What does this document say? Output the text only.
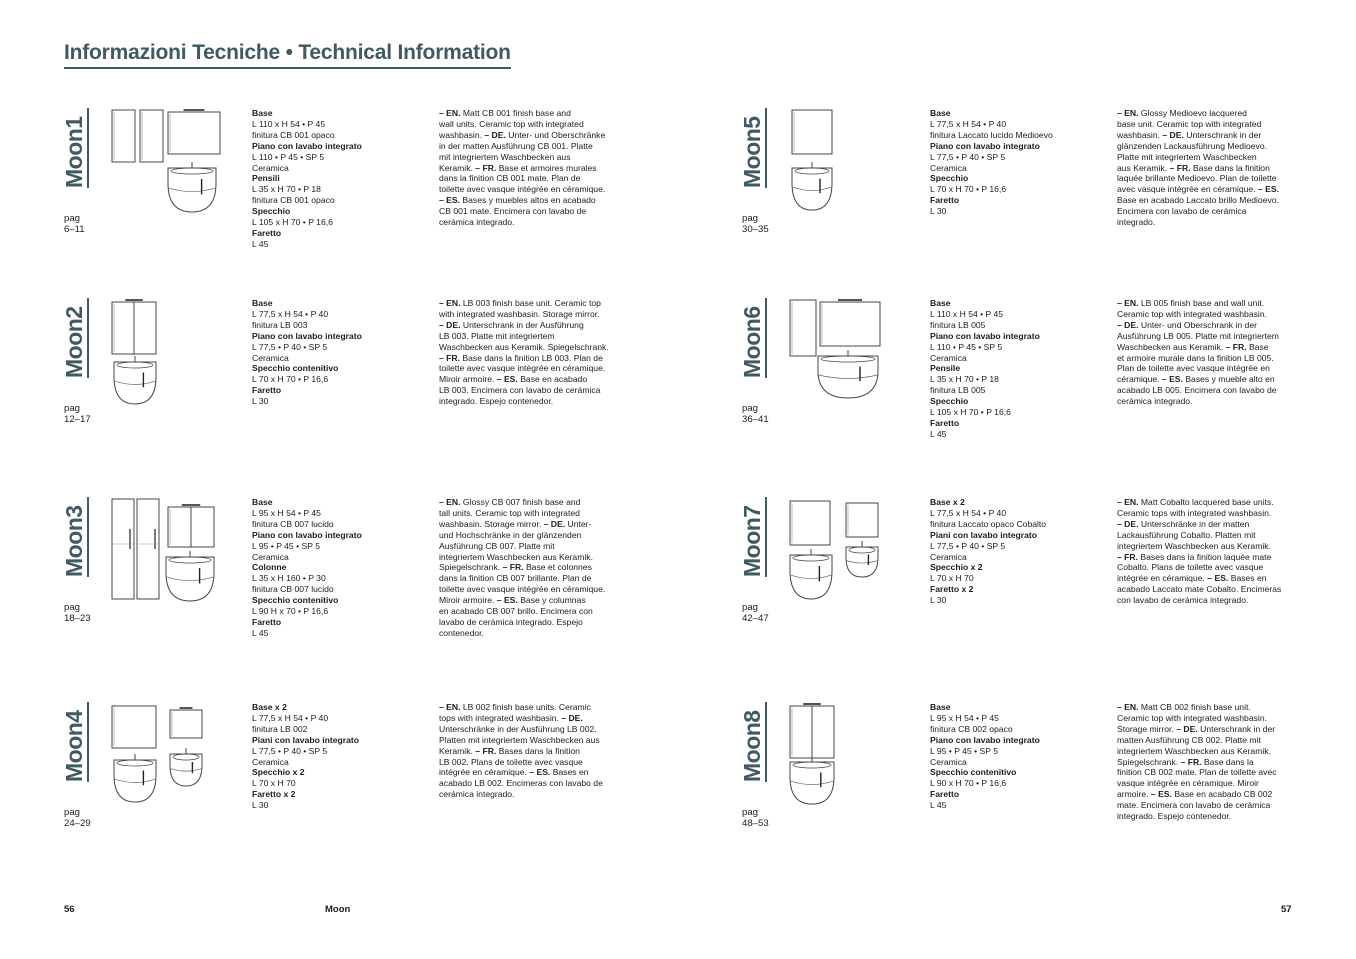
Informazioni Tecniche • Technical Information
Moon1
pag
6–11
Base
L 110 x H 54 • P 45
finitura CB 001 opaco
Piano con lavabo integrato
L 110 • P 45 • SP 5
Ceramica
Pensili
L 35 x H 70 • P 18
finitura CB 001 opaco
Specchio
L 105 x H 70 • P 16,6
Faretto
L 45
– EN. Matt CB 001 finish base and
wall units. Ceramic top with integrated
washbasin. – DE. Unter- und Oberschränke
in der matten Ausführung CB 001. Platte
mit integriertem Waschbecken aus
Keramik. – FR. Base et armoires murales
dans la finition CB 001 mate. Plan de
toilette avec vasque intégrée en céramique.
– ES. Bases y muebles altos en acabado
CB 001 mate. Encimera con lavabo de
cerámica integrado.
Moon2
pag
12–17
Base
L 77,5 x H 54 • P 40
finitura LB 003
Piano con lavabo integrato
L 77,5 • P 40 • SP 5
Ceramica
Specchio contenitivo
L 70 x H 70 • P 16,6
Faretto
L 30
– EN. LB 003 finish base unit. Ceramic top
with integrated washbasin. Storage mirror.
– DE. Unterschrank in der Ausführung
LB 003. Platte mit integriertem
Waschbecken aus Keramik. Spiegelschrank.
– FR. Base dans la finition LB 003. Plan de
toilette avec vasque intégrée en céramique.
Miroir armoire. – ES. Base en acabado
LB 003. Encimera con lavabo de cerámica
integrado. Espejo contenedor.
Moon3
pag
18–23
Base
L 95 x H 54 • P 45
finitura CB 007 lucido
Piano con lavabo integrato
L 95 • P 45 • SP 5
Ceramica
Colonne
L 35 x H 160 • P 30
finitura CB 007 lucido
Specchio contenitivo
L 90 H x 70 • P 16,6
Faretto
L 45
– EN. Glossy CB 007 finish base and
tall units. Ceramic top with integrated
washbasin. Storage mirror. – DE. Unter-
und Hochschränke in der glänzenden
Ausführung CB 007. Platte mit
integriertem Waschbecken aus Keramik.
Spiegelschrank. – FR. Base et colonnes
dans la finition CB 007 brillante. Plan de
toilette avec vasque intégrée en céramique.
Miroir armoire. – ES. Base y columnas
en acabado CB 007 brillo. Encimera con
lavabo de cerámica integrado. Espejo
contenedor.
Moon4
pag
24–29
Base x 2
L 77,5 x H 54 • P 40
finitura LB 002
Piani con lavabo integrato
L 77,5 • P 40 • SP 5
Ceramica
Specchio x 2
L 70 x H 70
Faretto x 2
L 30
– EN. LB 002 finish base units. Ceramic
tops with integrated washbasin. – DE.
Unterschränke in der Ausführung LB 002.
Platten mit integriertem Waschbecken aus
Keramik. – FR. Bases dans la finition
LB 002. Plans de toilette avec vasque
intégrée en céramique. – ES. Bases en
acabado LB 002. Encimeras con lavabo de
cerámica integrado.
Moon5
pag
30–35
Base
L 77,5 x H 54 • P 40
finitura Laccato lucido Medioevo
Piano con lavabo integrato
L 77,5 • P 40 • SP 5
Ceramica
Specchio
L 70 x H 70 • P 16,6
Faretto
L 30
– EN. Glossy Medioevo lacquered
base unit. Ceramic top with integrated
washbasin. – DE. Unterschrank in der
glänzenden Lackausführung Medioevo.
Platte mit integriertem Waschbecken
aus Keramik. – FR. Base dans la finition
laquée brillante Medioevo. Plan de toilette
avec vasque intégrée en céramique. – ES.
Base en acabado Laccato brillo Medioevo.
Encimera con lavabo de cerámica
integrado.
Moon6
pag
36–41
Base
L 110 x H 54 • P 45
finitura LB 005
Piano con lavabo integrato
L 110 • P 45 • SP 5
Ceramica
Pensile
L 35 x H 70 • P 18
finitura LB 005
Specchio
L 105 x H 70 • P 16,6
Faretto
L 45
– EN. LB 005 finish base and wall unit.
Ceramic top with integrated washbasin.
– DE. Unter- und Oberschrank in der
Ausführung LB 005. Platte mit integriertem
Waschbecken aus Keramik. – FR. Base
et armoire murale dans la finition LB 005.
Plan de toilette avec vasque intégrée en
céramique. – ES. Bases y mueble alto en
acabado LB 005. Encimera con lavabo de
cerámica integrado.
Moon7
pag
42–47
Base x 2
L 77,5 x H 54 • P 40
finitura Laccato opaco Cobalto
Piani con lavabo integrato
L 77,5 • P 40 • SP 5
Ceramica
Specchio x 2
L 70 x H 70
Faretto x 2
L 30
– EN. Matt Cobalto lacquered base units.
Ceramic tops with integrated washbasin.
– DE. Unterschränke in der matten
Lackausführung Cobalto. Platten mit
integriertem Waschbecken aus Keramik.
– FR. Bases dans la finition laquée mate
Cobalto. Plans de toilette avec vasque
intégrée en céramique. – ES. Bases en
acabado Laccato mate Cobalto. Encimeras
con lavabo de cerámica integrado.
Moon8
pag
48–53
Base
L 95 x H 54 • P 45
finitura CB 002 opaco
Piano con lavabo integrato
L 95 • P 45 • SP 5
Ceramica
Specchio contenitivo
L 90 x H 70 • P 16,6
Faretto
L 45
– EN. Matt CB 002 finish base unit.
Ceramic top with integrated washbasin.
Storage mirror. – DE. Unterschrank in der
matten Ausführung CB 002. Platte mit
integriertem Waschbecken aus Keramik.
Spiegelschrank. – FR. Base dans la
finition CB 002 mate. Plan de toilette avec
vasque intégrée en céramique. Miroir
armoire. – ES. Base en acabado CB 002
mate. Encimera con lavabo de cerámica
integrado. Espejo contenedor.
56	Moon	57
